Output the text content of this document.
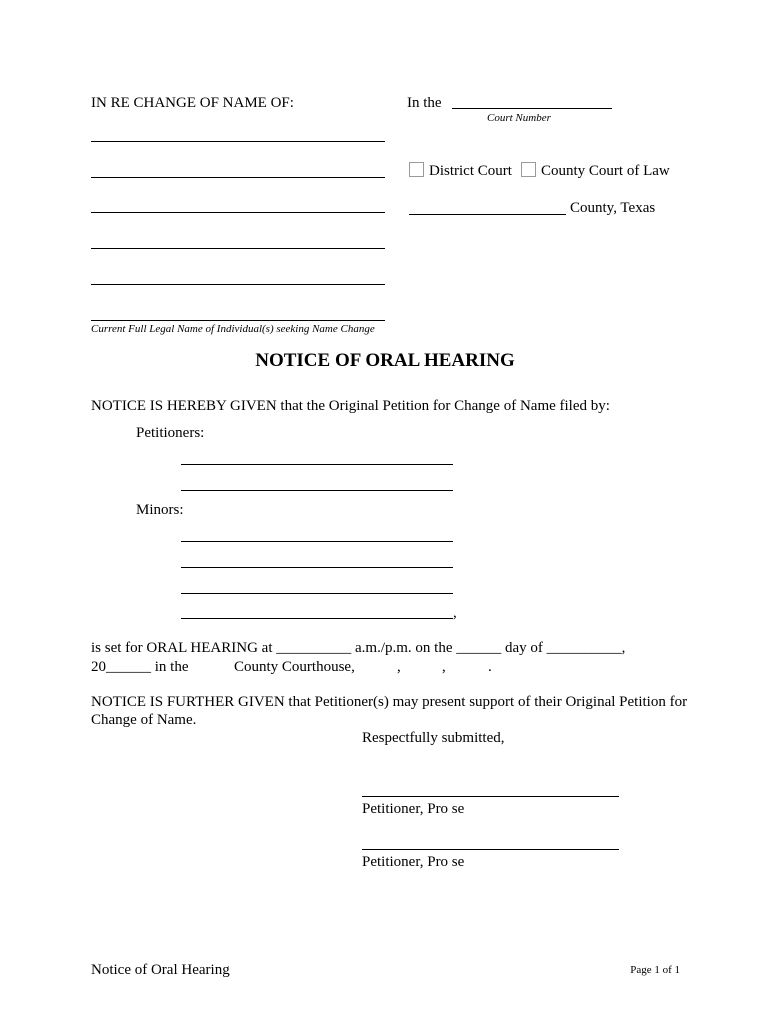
IN RE CHANGE OF NAME OF:
Current Full Legal Name of Individual(s) seeking Name Change
In the
Court Number
District Court County Court of Law
County, Texas
NOTICE OF ORAL HEARING
NOTICE IS HEREBY GIVEN that the Original Petition for Change of Name filed by:
Petitioners:
Minors:
,
is set for ORAL HEARING at __________ a.m./p.m. on the ______ day of __________,
20______ in the	County Courthouse,	,	,	.
NOTICE IS FURTHER GIVEN that Petitioner(s) may present support of their Original Petition for Change of Name.
Respectfully submitted,
Petitioner, Pro se
Petitioner, Pro se
Notice of Oral Hearing	Page 1 of 1
